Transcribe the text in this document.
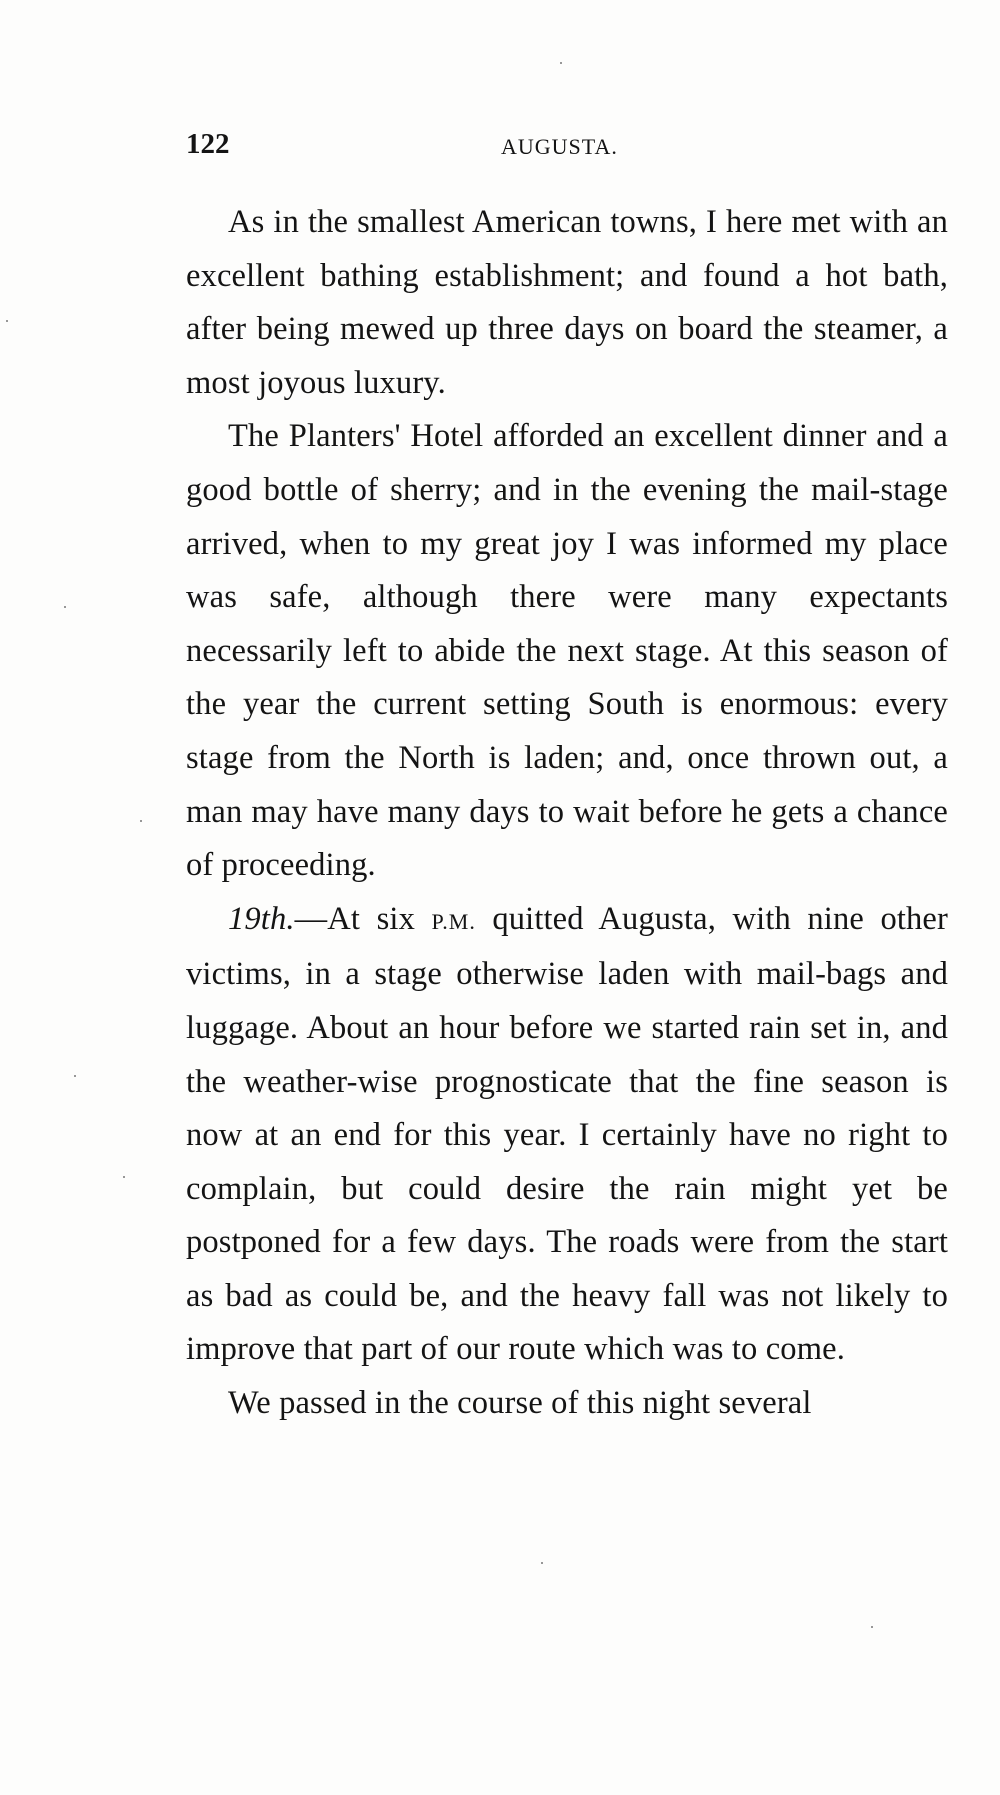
122	AUGUSTA.

As in the smallest American towns, I here met with an excellent bathing establishment; and found a hot bath, after being mewed up three days on board the steamer, a most joyous luxury.

The Planters' Hotel afforded an excellent dinner and a good bottle of sherry; and in the evening the mail-stage arrived, when to my great joy I was informed my place was safe, although there were many expectants necessarily left to abide the next stage. At this season of the year the current setting South is enormous: every stage from the North is laden; and, once thrown out, a man may have many days to wait before he gets a chance of proceeding.

19th.—At six P.M. quitted Augusta, with nine other victims, in a stage otherwise laden with mail-bags and luggage. About an hour before we started rain set in, and the weather-wise prognosticate that the fine season is now at an end for this year. I certainly have no right to complain, but could desire the rain might yet be postponed for a few days. The roads were from the start as bad as could be, and the heavy fall was not likely to improve that part of our route which was to come.

We passed in the course of this night several
